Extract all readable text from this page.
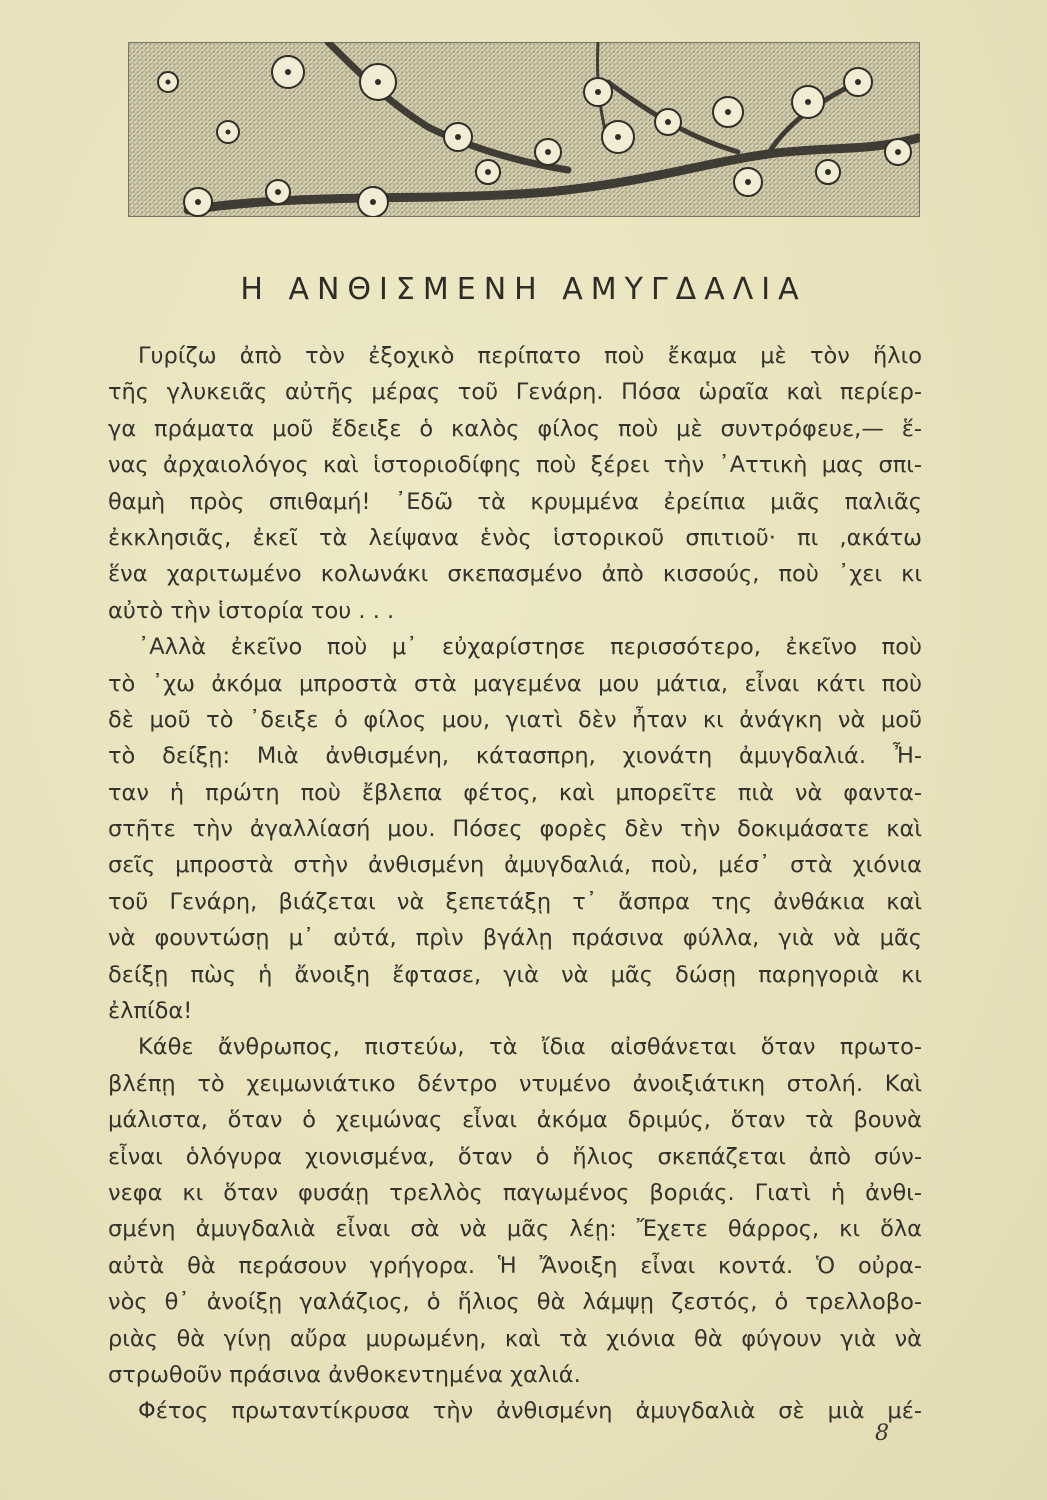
Η ΑΝΘΙΣΜΕΝΗ ΑΜΥΓΔΑΛΙΑ
Γυρίζω ἀπὸ τὸν ἐξοχικὸ περίπατο ποὺ ἔκαμα μὲ τὸν ἥλιο
τῆς γλυκειᾶς αὐτῆς μέρας τοῦ Γενάρη. Πόσα ὡραῖα καὶ περίερ-
γα πράματα μοῦ ἔδειξε ὁ καλὸς φίλος ποὺ μὲ συντρόφευε,— ἕ-
νας ἀρχαιολόγος καὶ ἱστοριοδίφης ποὺ ξέρει τὴν ᾿Αττικὴ μας σπι-
θαμὴ πρὸς σπιθαμή! ᾿Εδῶ τὰ κρυμμένα ἐρείπια μιᾶς παλιᾶς
ἐκκλησιᾶς, ἐκεῖ τὰ λείψανα ἑνὸς ἱστορικοῦ σπιτιοῦ· πι ,ακάτω
ἕνα χαριτωμένο κολωνάκι σκεπασμένο ἀπὸ κισσούς, ποὺ ᾿χει κι
αὐτὸ τὴν ἱστορία του . . .
᾿Αλλὰ ἐκεῖνο ποὺ μ᾿ εὐχαρίστησε περισσότερο, ἐκεῖνο ποὺ
τὸ ᾿χω ἀκόμα μπροστὰ στὰ μαγεμένα μου μάτια, εἶναι κάτι ποὺ
δὲ μοῦ τὸ ᾿δειξε ὁ φίλος μου, γιατὶ δὲν ἦταν κι ἀνάγκη νὰ μοῦ
τὸ δείξῃ: Μιὰ ἀνθισμένη, κάτασπρη, χιονάτη ἀμυγδαλιά. Ἦ-
ταν ἡ πρώτη ποὺ ἔβλεπα φέτος, καὶ μπορεῖτε πιὰ νὰ φαντα-
στῆτε τὴν ἀγαλλίασή μου. Πόσες φορὲς δὲν τὴν δοκιμάσατε καὶ
σεῖς μπροστὰ στὴν ἀνθισμένη ἀμυγδαλιά, ποὺ, μέσ᾿ στὰ χιόνια
τοῦ Γενάρη, βιάζεται νὰ ξεπετάξῃ τ᾿ ἄσπρα της ἀνθάκια καὶ
νὰ φουντώσῃ μ᾿ αὐτά, πρὶν βγάλῃ πράσινα φύλλα, γιὰ νὰ μᾶς
δείξῃ πὼς ἡ ἄνοιξη ἔφτασε, γιὰ νὰ μᾶς δώσῃ παρηγοριὰ κι
ἐλπίδα!
Κάθε ἄνθρωπος, πιστεύω, τὰ ἴδια αἰσθάνεται ὅταν πρωτο-
βλέπῃ τὸ χειμωνιάτικο δέντρο ντυμένο ἀνοιξιάτικη στολή. Καὶ
μάλιστα, ὅταν ὁ χειμώνας εἶναι ἀκόμα δριμύς, ὅταν τὰ βουνὰ
εἶναι ὁλόγυρα χιονισμένα, ὅταν ὁ ἥλιος σκεπάζεται ἀπὸ σύν-
νεφα κι ὅταν φυσάῃ τρελλὸς παγωμένος βοριάς. Γιατὶ ἡ ἀνθι-
σμένη ἀμυγδαλιὰ εἶναι σὰ νὰ μᾶς λέῃ: Ἔχετε θάρρος, κι ὅλα
αὐτὰ θὰ περάσουν γρήγορα. Ἡ Ἄνοιξη εἶναι κοντά. Ὁ οὐρα-
νὸς θ᾿ ἀνοίξῃ γαλάζιος, ὁ ἥλιος θὰ λάμψῃ ζεστός, ὁ τρελλοβο-
ριὰς θὰ γίνῃ αὔρα μυρωμένη, καὶ τὰ χιόνια θὰ φύγουν γιὰ νὰ
στρωθοῦν πράσινα ἀνθοκεντημένα χαλιά.
Φέτος πρωταντίκρυσα τὴν ἀνθισμένη ἀμυγδαλιὰ σὲ μιὰ μέ-
8
